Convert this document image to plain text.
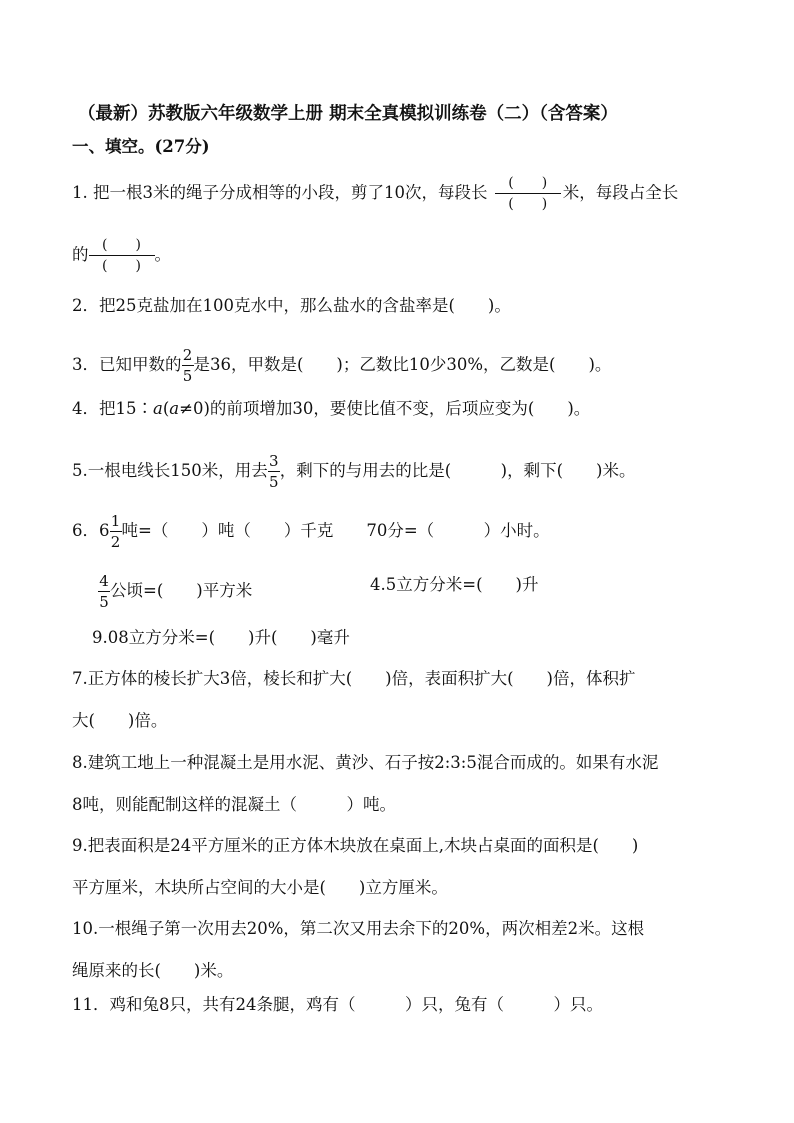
（最新）苏教版六年级数学上册 期末全真模拟训练卷（二）（含答案）
一、填空。(27分)
1. 把一根3米的绳子分成相等的小段，剪了10次，每段长 $\frac{( )}{( )}$ 米，每段占全长
的 $\frac{( )}{( )}$ 。
2．把25克盐加在100克水中，那么盐水的含盐率是(　　)。
3．已知甲数的 $\frac{2}{5}$ 是36，甲数是(　　)；乙数比10少30%，乙数是(　　)。
4．把15∶a(a≠0)的前项增加30，要使比值不变，后项应变为(　　)。
5.一根电线长150米，用去 $\frac{3}{5}$ ，剩下的与用去的比是(　　　)，剩下(　　)米。
6．$6 \frac{1}{2}$ 吨=（　　）吨（　　）千克　　70分=（　　　）小时。
$\frac{4}{5}$ 公顷=(　　)平方米	4.5立方分米=(　　)升
9.08立方分米=(　　)升(　　)毫升
7.正方体的棱长扩大3倍，棱长和扩大(　　)倍，表面积扩大(　　)倍，体积扩
大(　　)倍。
8.建筑工地上一种混凝土是用水泥、黄沙、石子按2:3:5混合而成的。如果有水泥
8吨，则能配制这样的混凝土（　　　）吨。
9.把表面积是24平方厘米的正方体木块放在桌面上,木块占桌面的面积是(　　)
平方厘米，木块所占空间的大小是(　　)立方厘米。
10.一根绳子第一次用去20%，第二次又用去余下的20%，两次相差2米。这根
绳原来的长(　　)米。
11．鸡和兔8只，共有24条腿，鸡有（　　　）只，兔有（　　　）只。
